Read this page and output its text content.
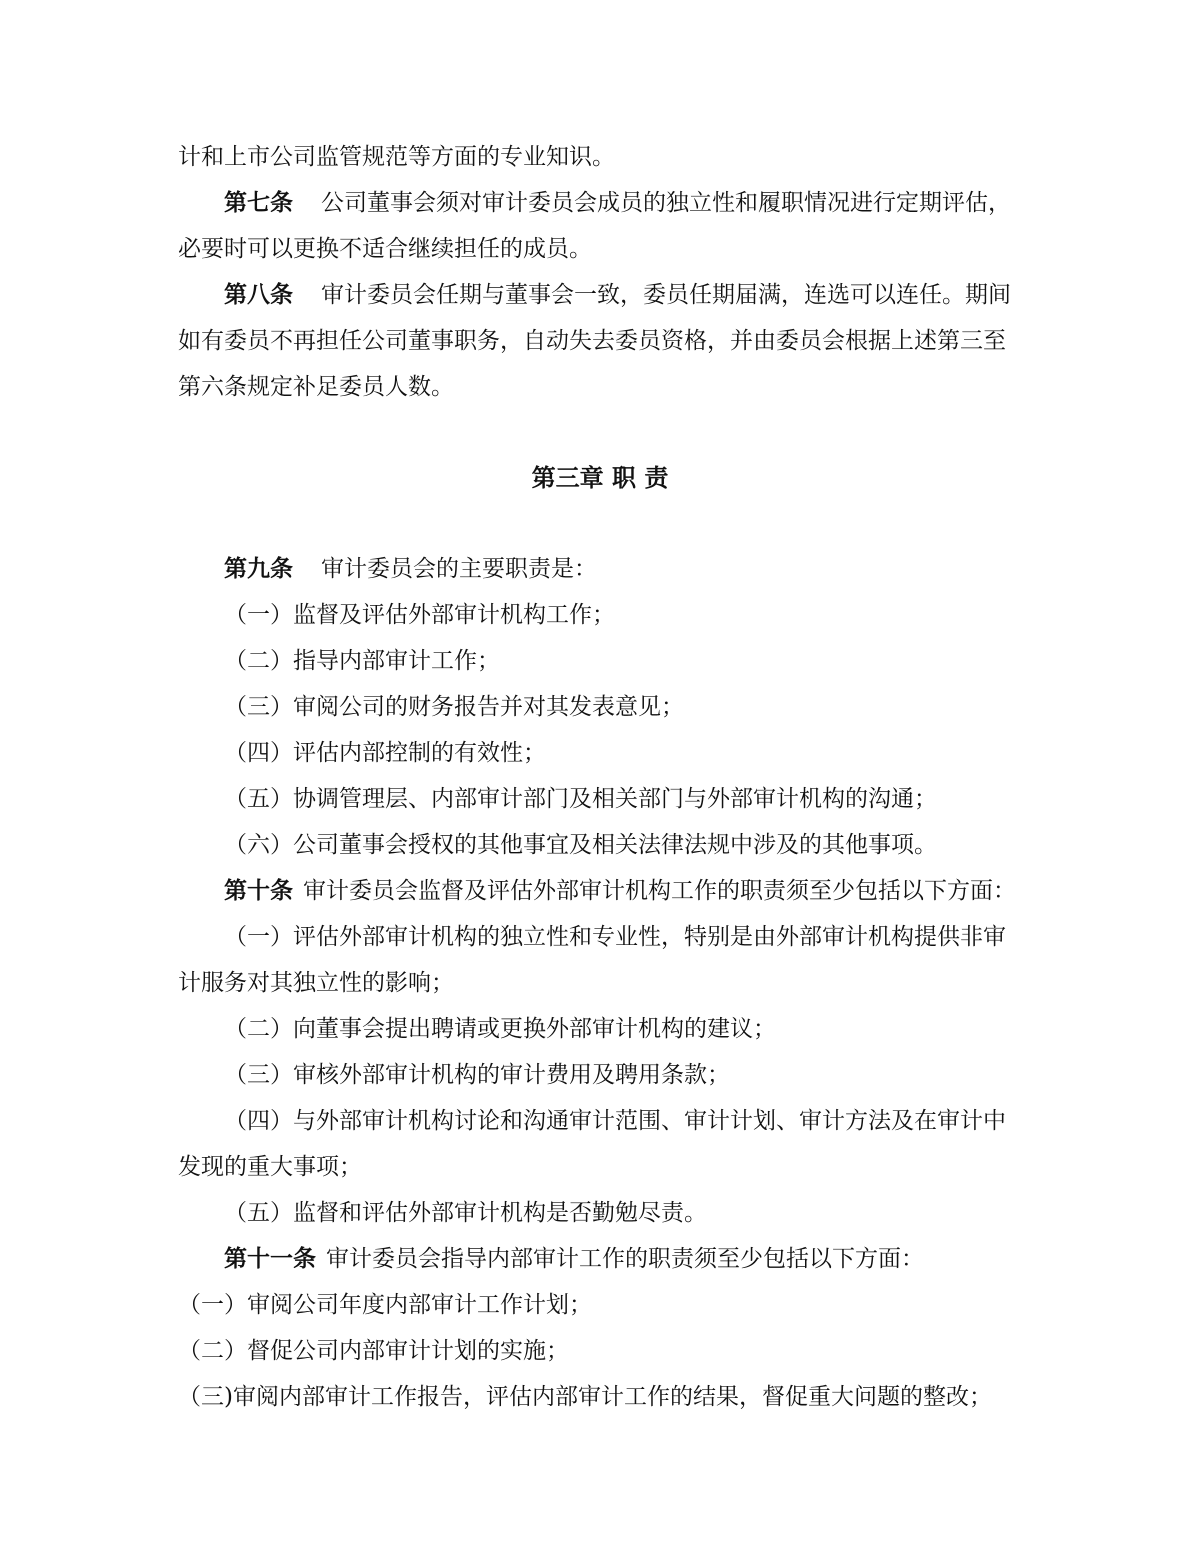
计和上市公司监管规范等方面的专业知识。
第七条 公司董事会须对审计委员会成员的独立性和履职情况进行定期评估，
必要时可以更换不适合继续担任的成员。
第八条 审计委员会任期与董事会一致，委员任期届满，连选可以连任。期间
如有委员不再担任公司董事职务，自动失去委员资格，并由委员会根据上述第三至
第六条规定补足委员人数。
第三章 职 责
第九条 审计委员会的主要职责是：
（一）监督及评估外部审计机构工作；
（二）指导内部审计工作；
（三）审阅公司的财务报告并对其发表意见；
（四）评估内部控制的有效性；
（五）协调管理层、内部审计部门及相关部门与外部审计机构的沟通；
（六）公司董事会授权的其他事宜及相关法律法规中涉及的其他事项。
第十条 审计委员会监督及评估外部审计机构工作的职责须至少包括以下方面：
（一）评估外部审计机构的独立性和专业性，特别是由外部审计机构提供非审
计服务对其独立性的影响；
（二）向董事会提出聘请或更换外部审计机构的建议；
（三）审核外部审计机构的审计费用及聘用条款；
（四）与外部审计机构讨论和沟通审计范围、审计计划、审计方法及在审计中
发现的重大事项；
（五）监督和评估外部审计机构是否勤勉尽责。
第十一条 审计委员会指导内部审计工作的职责须至少包括以下方面：
（一）审阅公司年度内部审计工作计划；
（二）督促公司内部审计计划的实施；
（三)审阅内部审计工作报告，评估内部审计工作的结果，督促重大问题的整改；
